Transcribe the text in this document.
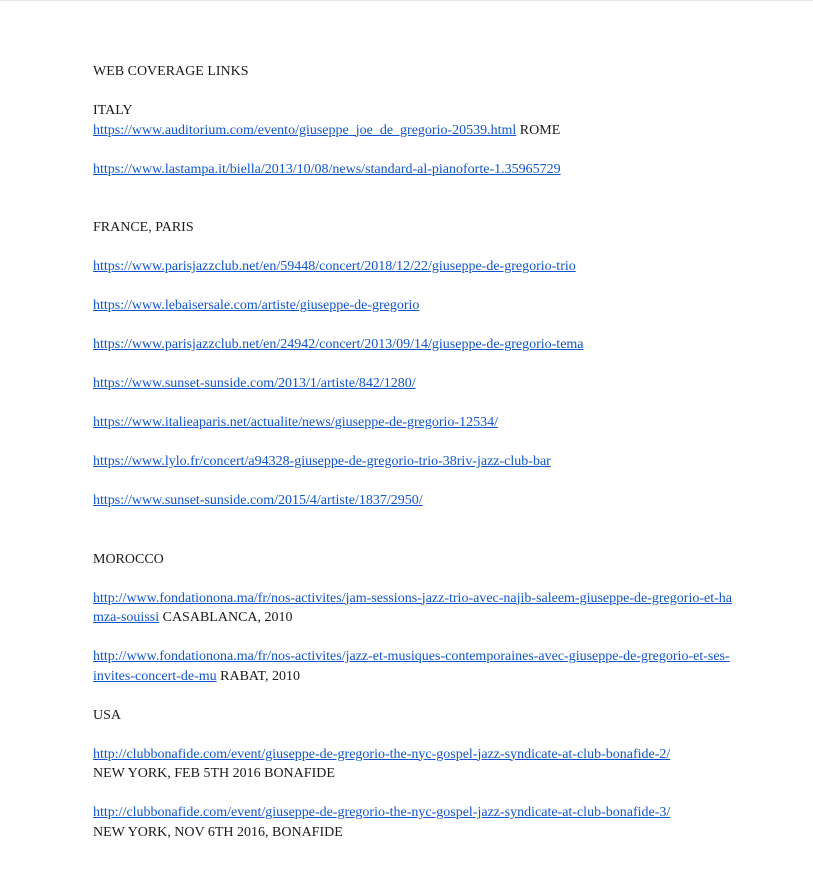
WEB COVERAGE LINKS

ITALY

https://www.auditorium.com/evento/giuseppe_joe_de_gregorio-20539.html ROME

https://www.lastampa.it/biella/2013/10/08/news/standard-al-pianoforte-1.35965729

FRANCE, PARIS

https://www.parisjazzclub.net/en/59448/concert/2018/12/22/giuseppe-de-gregorio-trio

https://www.lebaisersale.com/artiste/giuseppe-de-gregorio

https://www.parisjazzclub.net/en/24942/concert/2013/09/14/giuseppe-de-gregorio-tema

https://www.sunset-sunside.com/2013/1/artiste/842/1280/

https://www.italieaparis.net/actualite/news/giuseppe-de-gregorio-12534/

https://www.lylo.fr/concert/a94328-giuseppe-de-gregorio-trio-38riv-jazz-club-bar

https://www.sunset-sunside.com/2015/4/artiste/1837/2950/

MOROCCO

http://www.fondationona.ma/fr/nos-activites/jam-sessions-jazz-trio-avec-najib-saleem-giuseppe-de-gregorio-et-hamza-souissi CASABLANCA, 2010

http://www.fondationona.ma/fr/nos-activites/jazz-et-musiques-contemporaines-avec-giuseppe-de-gregorio-et-ses-invites-concert-de-mu RABAT, 2010

USA

http://clubbonafide.com/event/giuseppe-de-gregorio-the-nyc-gospel-jazz-syndicate-at-club-bonafide-2/
NEW YORK, FEB 5TH 2016 BONAFIDE

http://clubbonafide.com/event/giuseppe-de-gregorio-the-nyc-gospel-jazz-syndicate-at-club-bonafide-3/
NEW YORK, NOV 6TH 2016, BONAFIDE
